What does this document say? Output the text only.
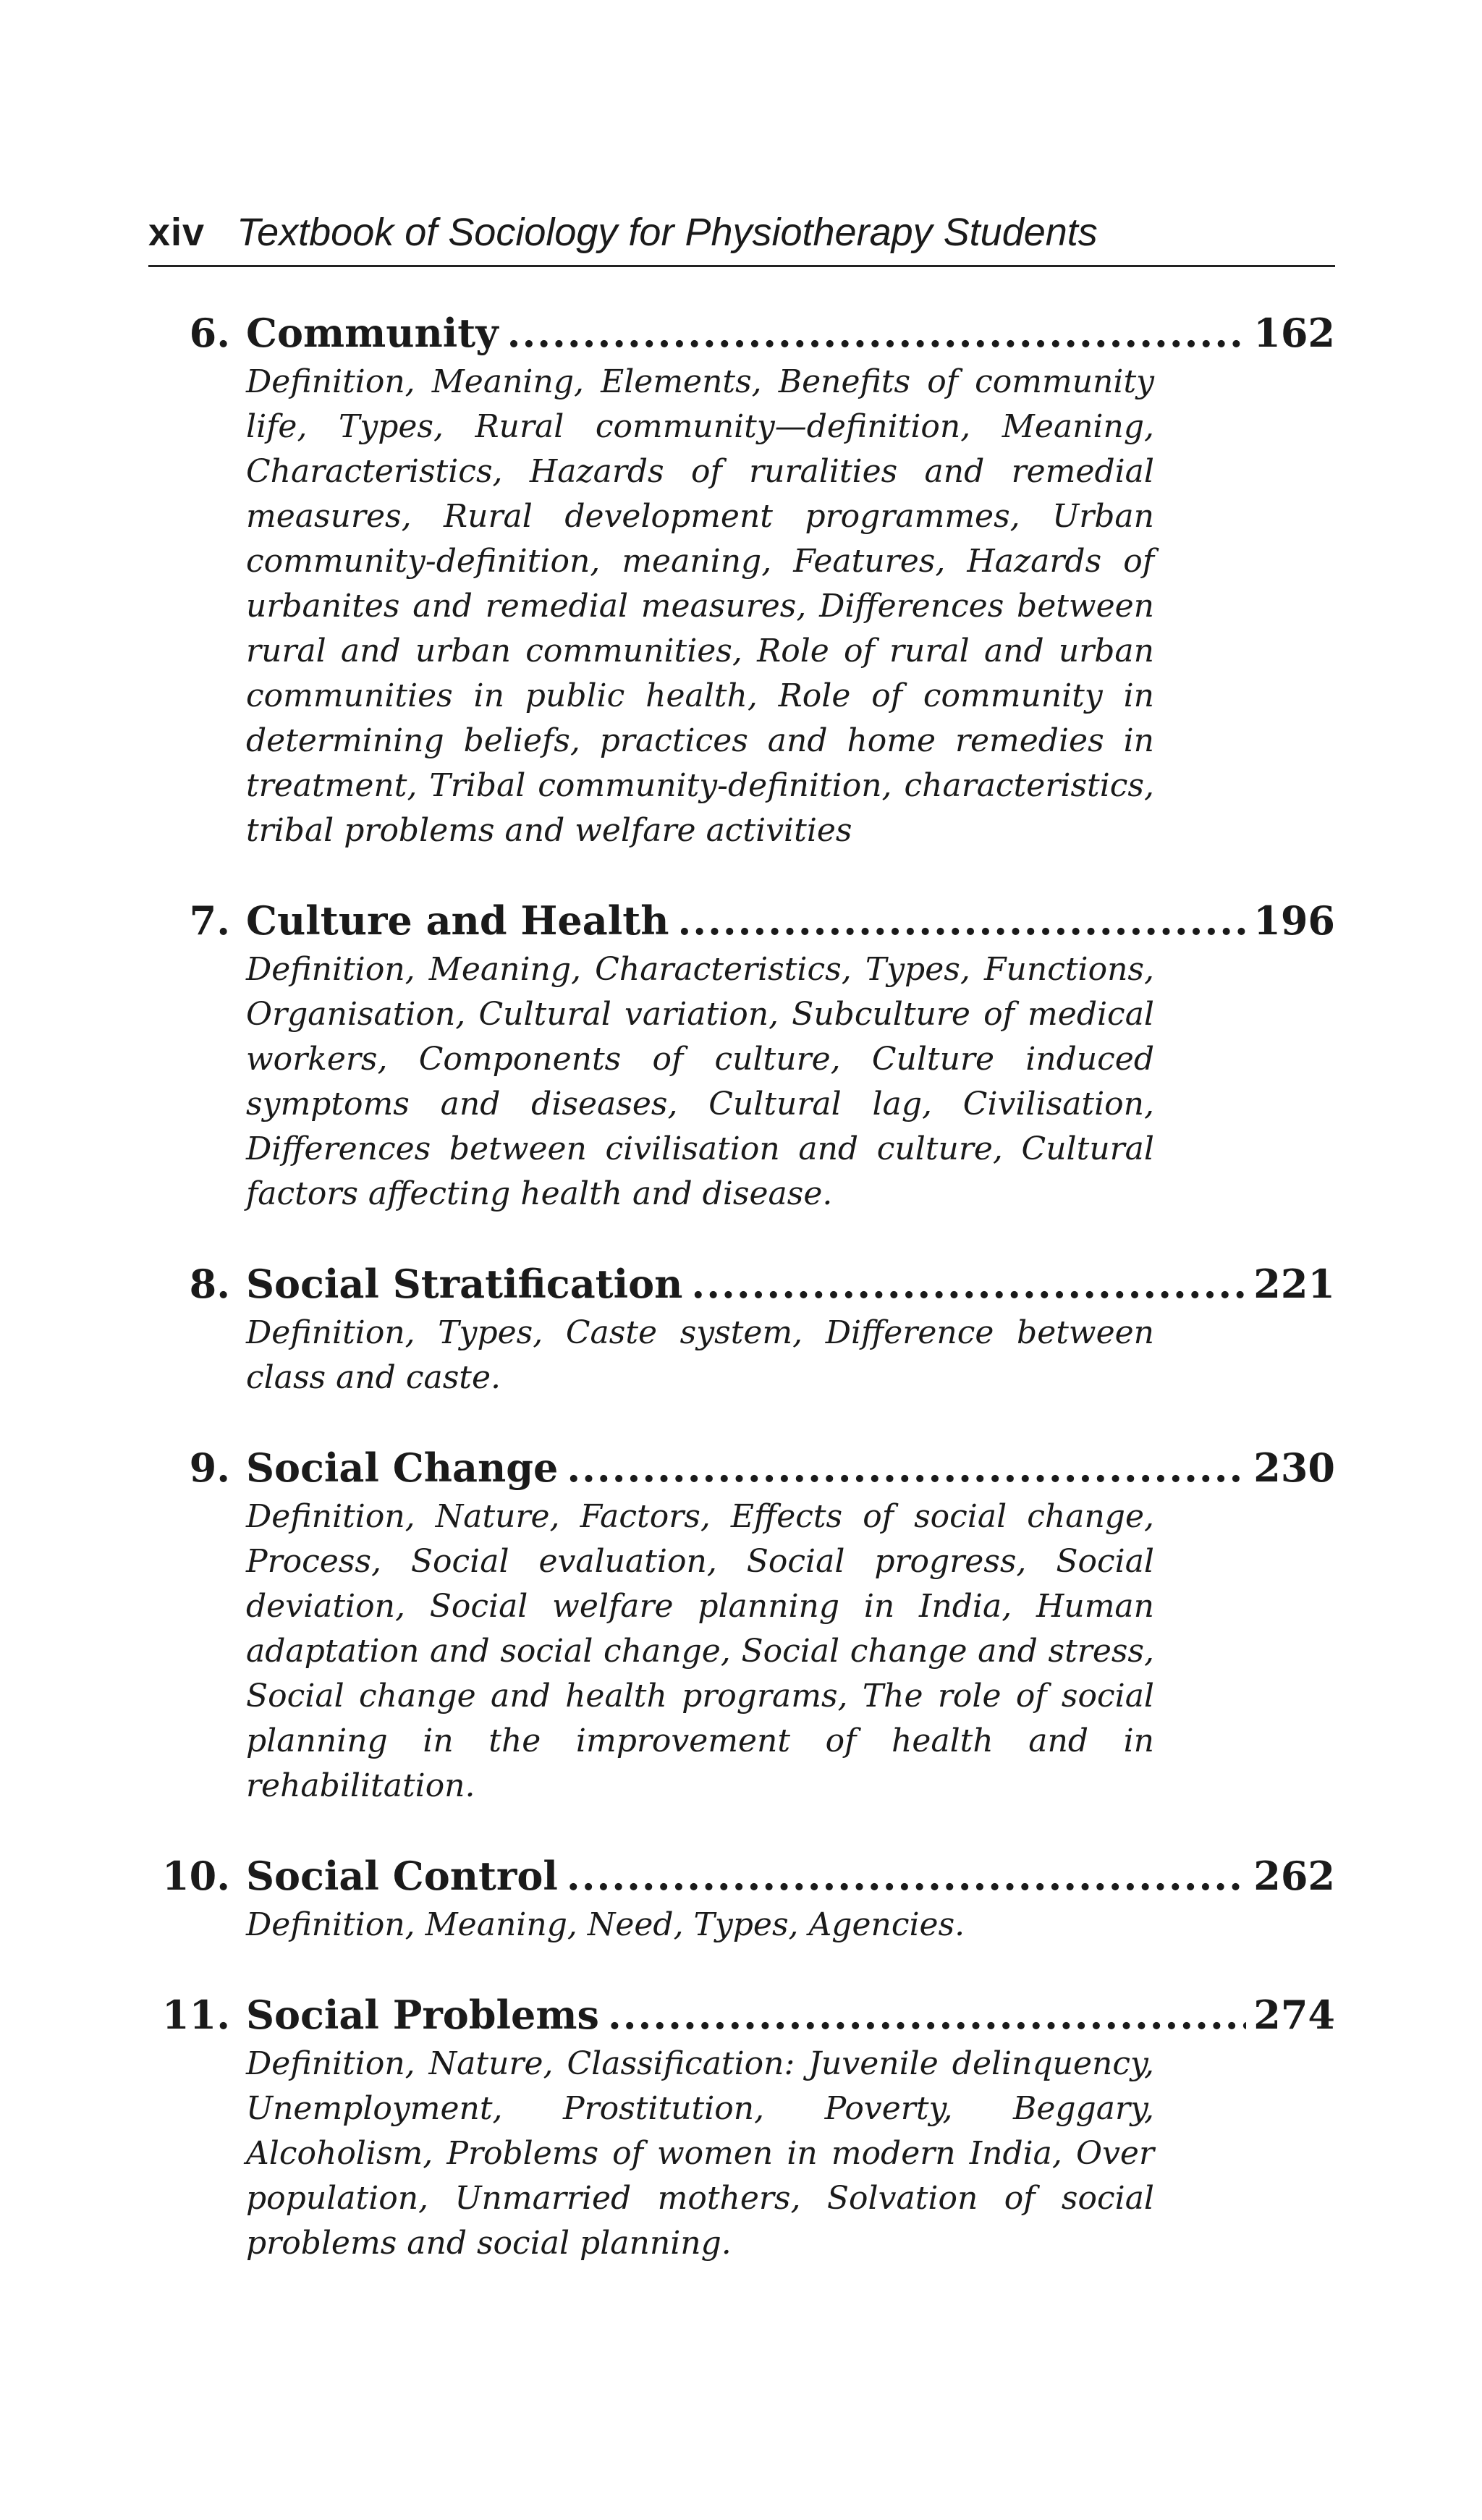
xiv Textbook of Sociology for Physiotherapy Students
6. Community .....	162
Definition, Meaning, Elements, Benefits of community life, Types, Rural community—definition, Meaning, Characteristics, Hazards of ruralities and remedial measures, Rural development programmes, Urban community-definition, meaning, Features, Hazards of urbanites and remedial measures, Differences between rural and urban communities, Role of rural and urban communities in public health, Role of community in determining beliefs, practices and home remedies in treatment, Tribal community-definition, characteristics, tribal problems and welfare activities
7. Culture and Health .....	196
Definition, Meaning, Characteristics, Types, Functions, Organisation, Cultural variation, Subculture of medical workers, Components of culture, Culture induced symptoms and diseases, Cultural lag, Civilisation, Differences between civilisation and culture, Cultural factors affecting health and disease.
8. Social Stratification .....	221
Definition, Types, Caste system, Difference between class and caste.
9. Social Change .....	230
Definition, Nature, Factors, Effects of social change, Process, Social evaluation, Social progress, Social deviation, Social welfare planning in India, Human adaptation and social change, Social change and stress, Social change and health programs, The role of social planning in the improvement of health and in rehabilitation.
10. Social Control .....	262
Definition, Meaning, Need, Types, Agencies.
11. Social Problems .....	274
Definition, Nature, Classification: Juvenile delinquency, Unemployment, Prostitution, Poverty, Beggary, Alcoholism, Problems of women in modern India, Over population, Unmarried mothers, Solvation of social problems and social planning.
